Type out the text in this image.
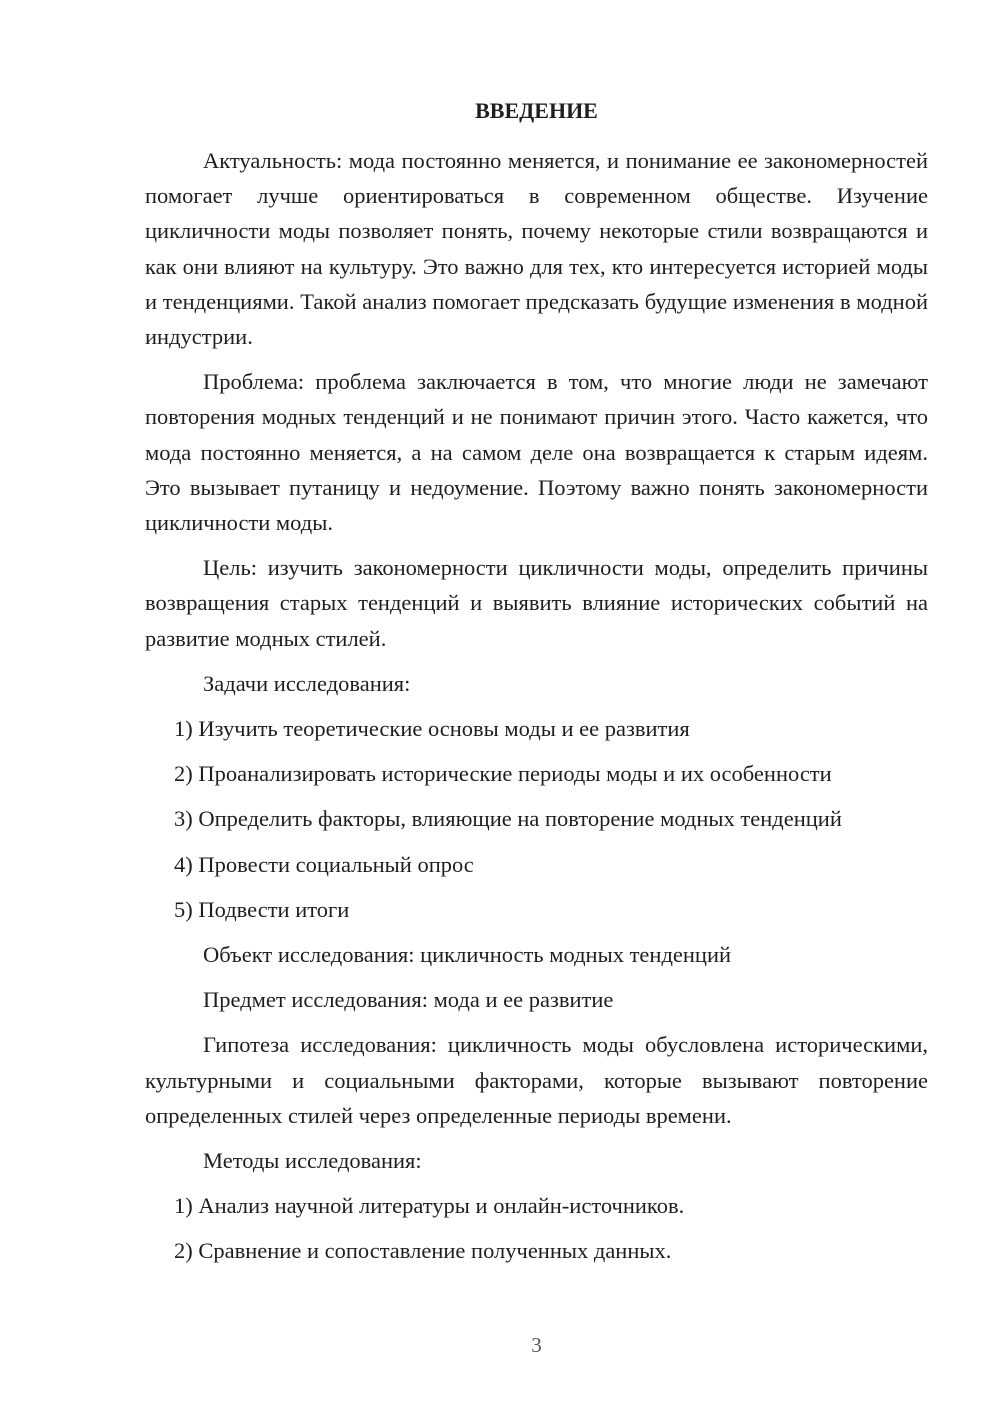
ВВЕДЕНИЕ

Актуальность: мода постоянно меняется, и понимание ее закономерностей помогает лучше ориентироваться в современном обществе. Изучение цикличности моды позволяет понять, почему некоторые стили возвращаются и как они влияют на культуру. Это важно для тех, кто интересуется историей моды и тенденциями. Такой анализ помогает предсказать будущие изменения в модной индустрии.

Проблема: проблема заключается в том, что многие люди не замечают повторения модных тенденций и не понимают причин этого. Часто кажется, что мода постоянно меняется, а на самом деле она возвращается к старым идеям. Это вызывает путаницу и недоумение. Поэтому важно понять закономерности цикличности моды.

Цель: изучить закономерности цикличности моды, определить причины возвращения старых тенденций и выявить влияние исторических событий на развитие модных стилей.

Задачи исследования:

1) Изучить теоретические основы моды и ее развития

2) Проанализировать исторические периоды моды и их особенности

3) Определить факторы, влияющие на повторение модных тенденций

4) Провести социальный опрос

5) Подвести итоги

Объект исследования: цикличность модных тенденций

Предмет исследования: мода и ее развитие

Гипотеза исследования: цикличность моды обусловлена историческими, культурными и социальными факторами, которые вызывают повторение определенных стилей через определенные периоды времени.

Методы исследования:

1) Анализ научной литературы и онлайн-источников.

2) Сравнение и сопоставление полученных данных.

3
